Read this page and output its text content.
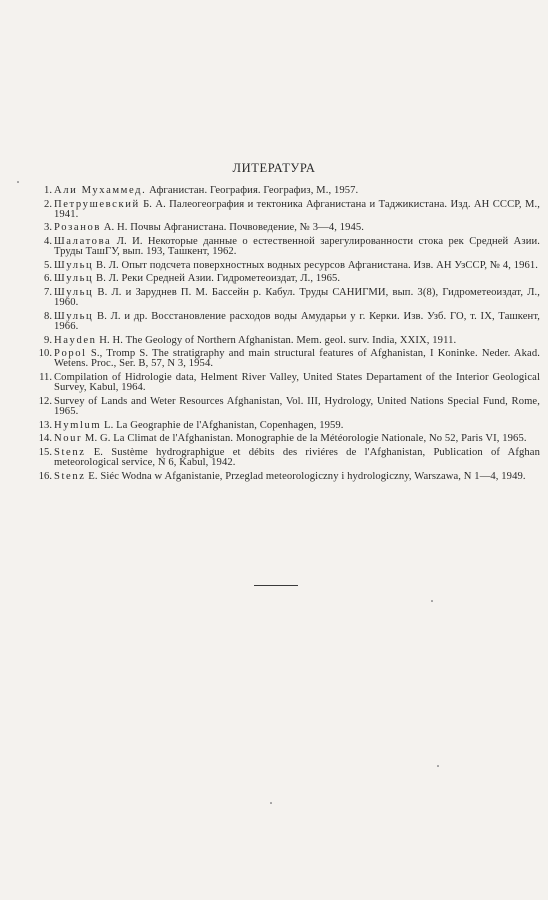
ЛИТЕРАТУРА
1. Али Мухаммед. Афганистан. География. Географиз, М., 1957.
2. Петрушевский Б. А. Палеогеография и тектоника Афганистана и Таджикистана. Изд. АН СССР, М., 1941.
3. Розанов А. Н. Почвы Афганистана. Почвоведение, № 3—4, 1945.
4. Шалатова Л. И. Некоторые данные о естественной зарегулированности стока рек Средней Азии. Труды ТашГУ, вып. 193, Ташкент, 1962.
5. Шульц В. Л. Опыт подсчета поверхностных водных ресурсов Афганистана. Изв. АН УзССР, № 4, 1961.
6. Шульц В. Л. Реки Средней Азии. Гидрометеоиздат, Л., 1965.
7. Шульц В. Л. и Заруднев П. М. Бассейн р. Кабул. Труды САНИГМИ, вып. 3(8), Гидрометеоиздат, Л., 1960.
8. Шульц В. Л. и др. Восстановление расходов воды Амударьи у г. Керки. Изв. Узб. ГО, т. IX, Ташкент, 1966.
9. Hayden H. H. The Geology of Northern Afghanistan. Mem. geol. surv. India, XXIX, 1911.
10. Popol S., Tromp S. The stratigraphy and main structural features of Afghanistan, I Koninke. Neder. Akad. Wetens. Proc., Ser. B, 57, N 3, 1954.
11. Compilation of Hidrologie data, Helment River Valley, United States Departament of the Interior Geological Survey, Kabul, 1964.
12. Survey of Lands and Weter Resources Afghanistan, Vol. III, Hydrology, United Nations Special Fund, Rome, 1965.
13. Hymlum L. La Geographie de l'Afghanistan, Copenhagen, 1959.
14. Nour M. G. La Climat de l'Afghanistan. Monographie de la Météorologie Nationale, No 52, Paris VI, 1965.
15. Stenz E. Sustème hydrographigue et débits des riviéres de l'Afghanistan, Publication of Afghan meteorological service, N 6, Kabul, 1942.
16. Stenz E. Siéc Wodna w Afganistanie, Przeglad meteorologiczny i hydrologiczny, Warszawa, N 1—4, 1949.
